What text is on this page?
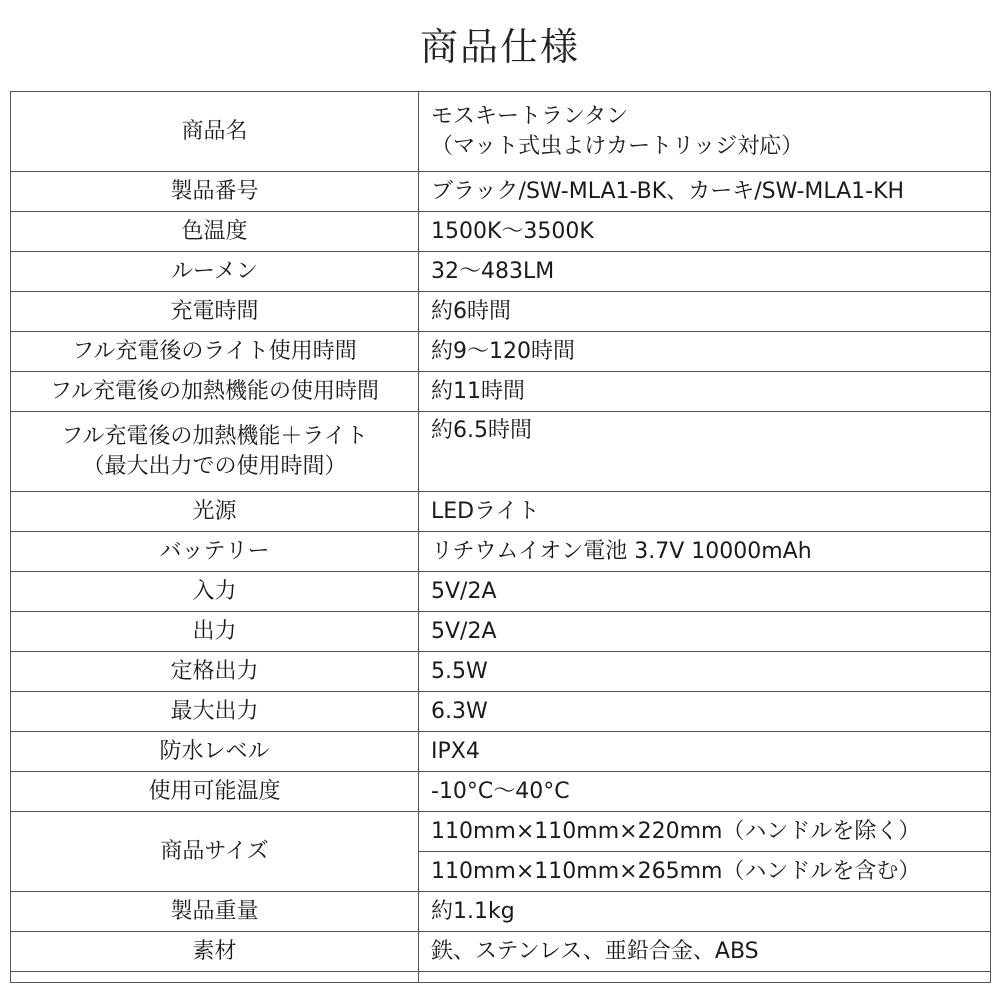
商品仕様
商品名	モスキートランタン
（マット式虫よけカートリッジ対応）

製品番号	ブラック/SW-MLA1-BK、カーキ/SW-MLA1-KH
色温度	1500K～3500K
ルーメン	32～483LM
充電時間	約6時間
フル充電後のライト使用時間	約9～120時間
フル充電後の加熱機能の使用時間	約11時間

フル充電後の加熱機能＋ライト
（最大出力での使用時間）	約6.5時間
光源	LEDライト
バッテリー	リチウムイオン電池 3.7V 10000mAh
入力	5V/2A
出力	5V/2A
定格出力	5.5W
最大出力	6.3W
防水レベル	IPX4
使用可能温度	-10°C～40°C
商品サイズ	110mm×110mm×220mm（ハンドルを除く）
	110mm×110mm×265mm（ハンドルを含む）
製品重量	約1.1kg
素材	鉄、ステンレス、亜鉛合金、ABS
